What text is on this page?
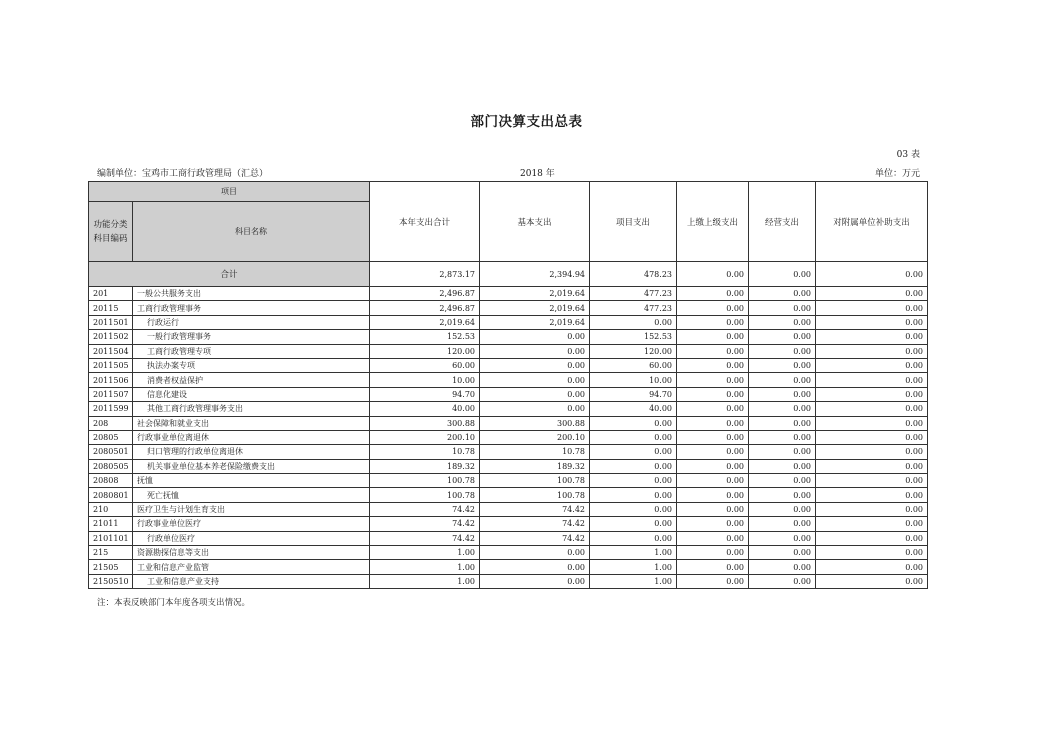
部门决算支出总表
03 表
编制单位：宝鸡市工商行政管理局（汇总）	2018 年	单位：万元
项目		本年支出合计	基本支出	项目支出	上缴上级支出	经营支出	对附属单位补助支出
功能分类科目编码	科目名称						
合计		2,873.17	2,394.94	478.23	0.00	0.00	0.00
201	一般公共服务支出	2,496.87	2,019.64	477.23	0.00	0.00	0.00
20115	工商行政管理事务	2,496.87	2,019.64	477.23	0.00	0.00	0.00
2011501	行政运行	2,019.64	2,019.64	0.00	0.00	0.00	0.00
2011502	一般行政管理事务	152.53	0.00	152.53	0.00	0.00	0.00
2011504	工商行政管理专项	120.00	0.00	120.00	0.00	0.00	0.00
2011505	执法办案专项	60.00	0.00	60.00	0.00	0.00	0.00
2011506	消费者权益保护	10.00	0.00	10.00	0.00	0.00	0.00
2011507	信息化建设	94.70	0.00	94.70	0.00	0.00	0.00
2011599	其他工商行政管理事务支出	40.00	0.00	40.00	0.00	0.00	0.00
208	社会保障和就业支出	300.88	300.88	0.00	0.00	0.00	0.00
20805	行政事业单位离退休	200.10	200.10	0.00	0.00	0.00	0.00
2080501	归口管理的行政单位离退休	10.78	10.78	0.00	0.00	0.00	0.00
2080505	机关事业单位基本养老保险缴费支出	189.32	189.32	0.00	0.00	0.00	0.00
20808	抚恤	100.78	100.78	0.00	0.00	0.00	0.00
2080801	死亡抚恤	100.78	100.78	0.00	0.00	0.00	0.00
210	医疗卫生与计划生育支出	74.42	74.42	0.00	0.00	0.00	0.00
21011	行政事业单位医疗	74.42	74.42	0.00	0.00	0.00	0.00
2101101	行政单位医疗	74.42	74.42	0.00	0.00	0.00	0.00
215	资源勘探信息等支出	1.00	0.00	1.00	0.00	0.00	0.00
21505	工业和信息产业监管	1.00	0.00	1.00	0.00	0.00	0.00
2150510	工业和信息产业支持	1.00	0.00	1.00	0.00	0.00	0.00
注：本表反映部门本年度各项支出情况。
